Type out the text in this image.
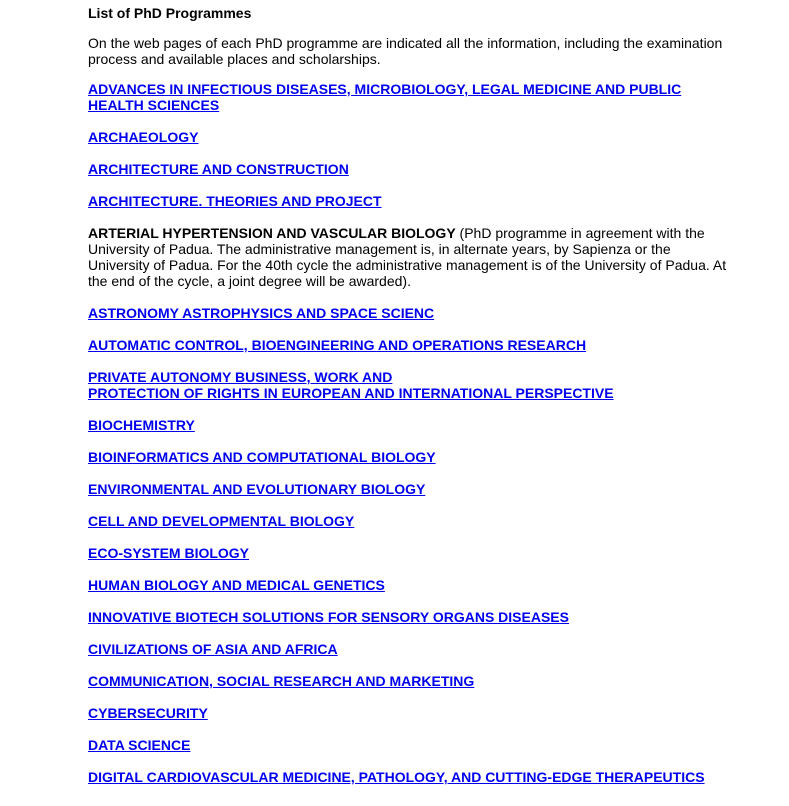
List of PhD Programmes
On the web pages of each PhD programme are indicated all the information, including the examination process and available places and scholarships.
ADVANCES IN INFECTIOUS DISEASES, MICROBIOLOGY, LEGAL MEDICINE AND PUBLIC HEALTH SCIENCES
ARCHAEOLOGY
ARCHITECTURE AND CONSTRUCTION
ARCHITECTURE. THEORIES AND PROJECT
ARTERIAL HYPERTENSION AND VASCULAR BIOLOGY (PhD programme in agreement with the University of Padua. The administrative management is, in alternate years, by Sapienza or the University of Padua. For the 40th cycle the administrative management is of the University of Padua. At the end of the cycle, a joint degree will be awarded).
ASTRONOMY ASTROPHYSICS AND SPACE SCIENC
AUTOMATIC CONTROL, BIOENGINEERING AND OPERATIONS RESEARCH
PRIVATE AUTONOMY BUSINESS, WORK AND
PROTECTION OF RIGHTS IN EUROPEAN AND INTERNATIONAL PERSPECTIVE
BIOCHEMISTRY
BIOINFORMATICS AND COMPUTATIONAL BIOLOGY
ENVIRONMENTAL AND EVOLUTIONARY BIOLOGY
CELL AND DEVELOPMENTAL BIOLOGY
ECO-SYSTEM BIOLOGY
HUMAN BIOLOGY AND MEDICAL GENETICS
INNOVATIVE BIOTECH SOLUTIONS FOR SENSORY ORGANS DISEASES
CIVILIZATIONS OF ASIA AND AFRICA
COMMUNICATION, SOCIAL RESEARCH AND MARKETING
CYBERSECURITY
DATA SCIENCE
DIGITAL CARDIOVASCULAR MEDICINE, PATHOLOGY, AND CUTTING-EDGE THERAPEUTICS
